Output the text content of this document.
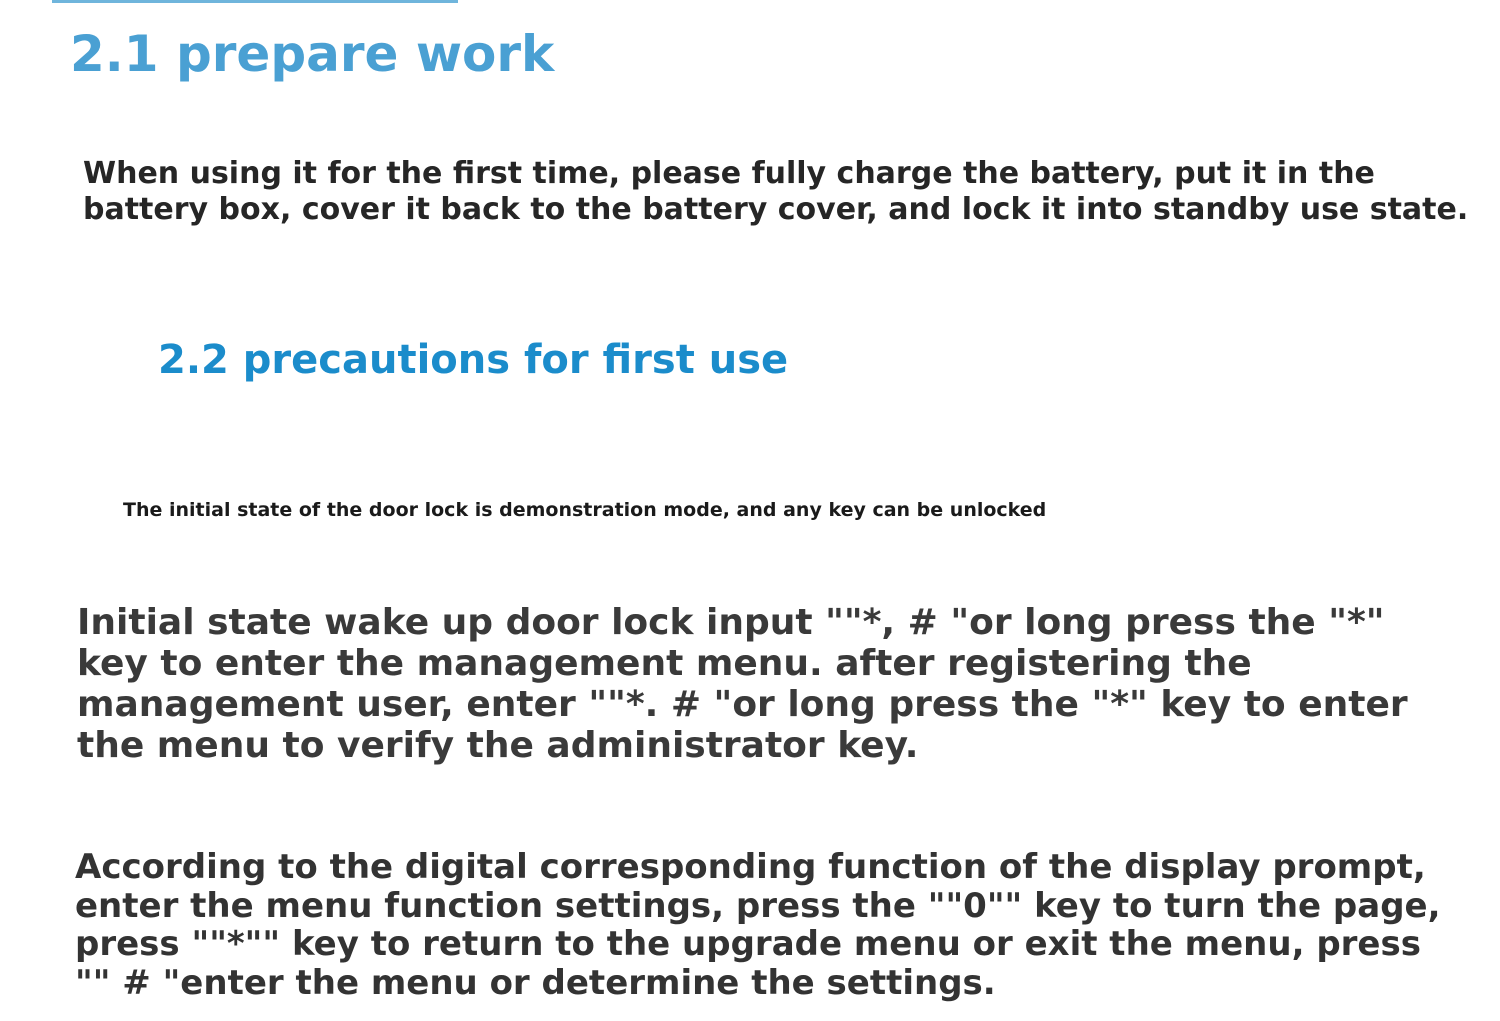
2.1 prepare work

When using it for the first time, please fully charge the battery, put it in the battery box, cover it back to the battery cover, and lock it into standby use state.

2.2 precautions for first use

The initial state of the door lock is demonstration mode, and any key can be unlocked

Initial state wake up door lock input ""*, # "or long press the "*" key to enter the management menu. after registering the management user, enter ""*. # "or long press the "*" key to enter the menu to verify the administrator key.

According to the digital corresponding function of the display prompt, enter the menu function settings, press the ""0"" key to turn the page, press ""*"" key to return to the upgrade menu or exit the menu, press "" # "enter the menu or determine the settings.
